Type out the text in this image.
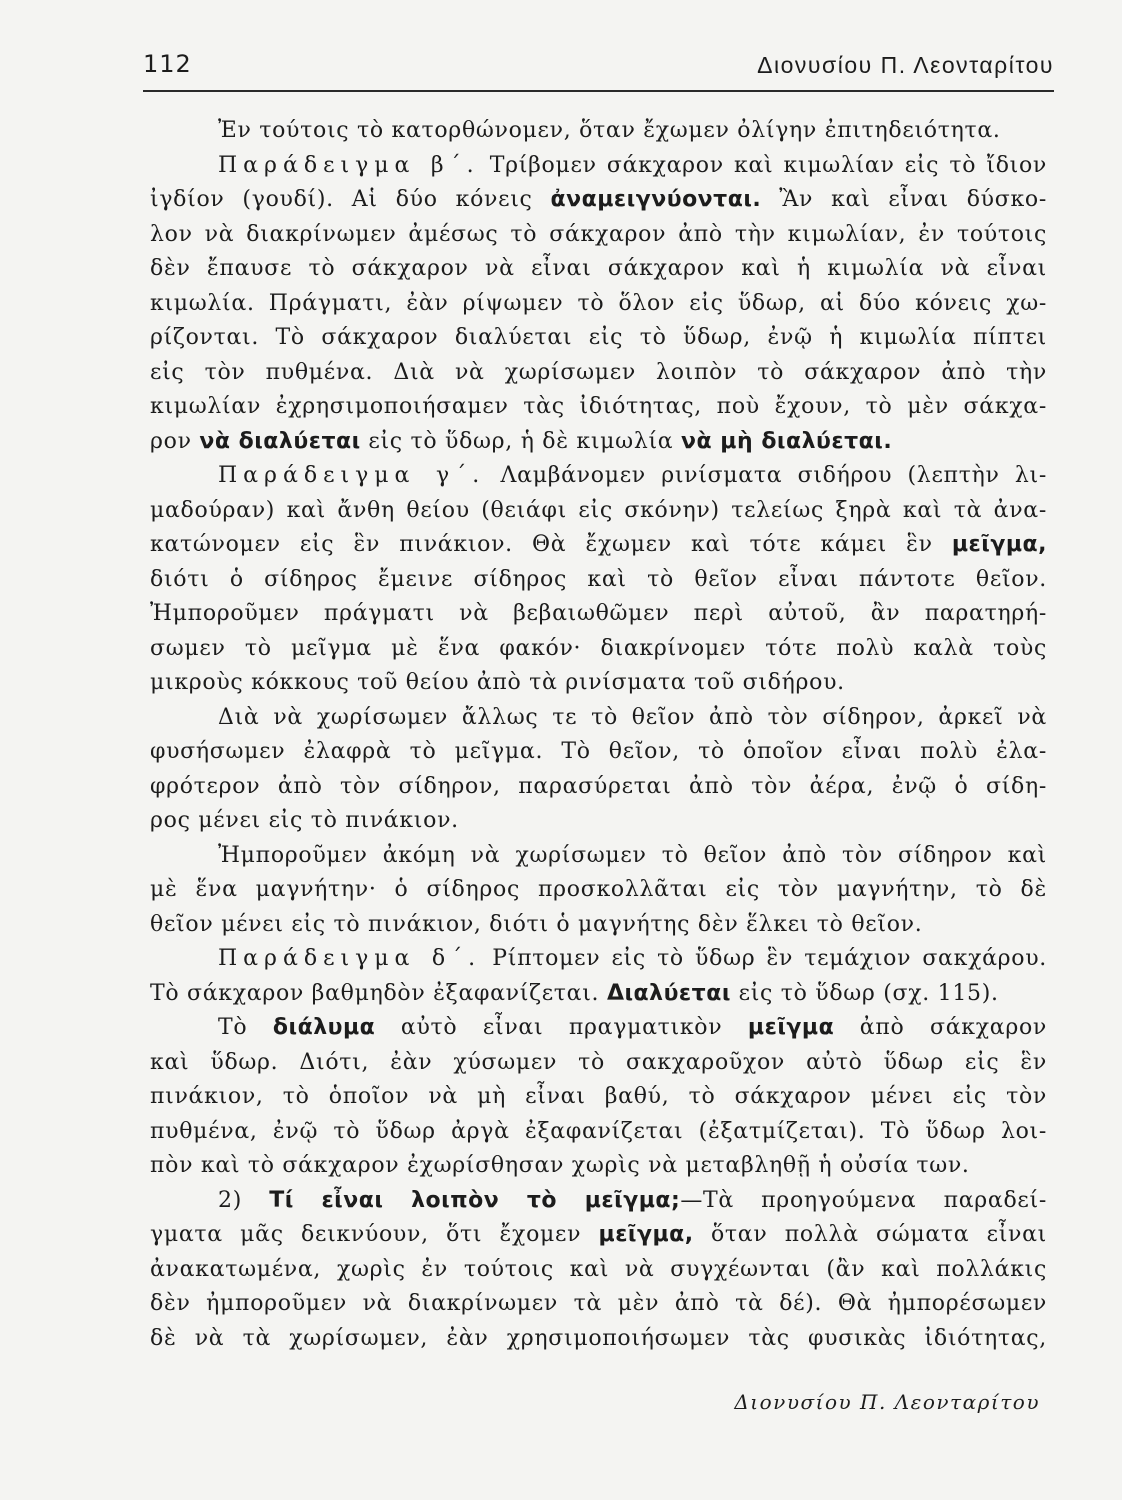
112	Διονυσίου Π. Λεονταρίτου
Ἐν τούτοις τὸ κατορθώνομεν, ὅταν ἔχωμεν ὀλίγην ἐπιτηδειότητα.
Παράδειγμα β΄. Τρίβομεν σάκχαρον καὶ κιμωλίαν εἰς τὸ ἴδιον
ἰγδίον (γουδί). Αἱ δύο κόνεις ἀναμειγνύονται. Ἂν καὶ εἶναι δύσκο-
λον νὰ διακρίνωμεν ἀμέσως τὸ σάκχαρον ἀπὸ τὴν κιμωλίαν, ἐν τούτοις
δὲν ἔπαυσε τὸ σάκχαρον νὰ εἶναι σάκχαρον καὶ ἡ κιμωλία νὰ εἶναι
κιμωλία. Πράγματι, ἐὰν ρίψωμεν τὸ ὅλον εἰς ὕδωρ, αἱ δύο κόνεις χω-
ρίζονται. Τὸ σάκχαρον διαλύεται εἰς τὸ ὕδωρ, ἐνῷ ἡ κιμωλία πίπτει
εἰς τὸν πυθμένα. Διὰ νὰ χωρίσωμεν λοιπὸν τὸ σάκχαρον ἀπὸ τὴν
κιμωλίαν ἐχρησιμοποιήσαμεν τὰς ἰδιότητας, ποὺ ἔχουν, τὸ μὲν σάκχα-
ρον νὰ διαλύεται εἰς τὸ ὕδωρ, ἡ δὲ κιμωλία νὰ μὴ διαλύεται.
Παράδειγμα γ΄. Λαμβάνομεν ρινίσματα σιδήρου (λεπτὴν λι-
μαδούραν) καὶ ἄνθη θείου (θειάφι εἰς σκόνην) τελείως ξηρὰ καὶ τὰ ἀνα-
κατώνομεν εἰς ἓν πινάκιον. Θὰ ἔχωμεν καὶ τότε κάμει ἓν μεῖγμα,
διότι ὁ σίδηρος ἔμεινε σίδηρος καὶ τὸ θεῖον εἶναι πάντοτε θεῖον.
Ἠμποροῦμεν πράγματι νὰ βεβαιωθῶμεν περὶ αὐτοῦ, ἂν παρατηρή-
σωμεν τὸ μεῖγμα μὲ ἕνα φακόν· διακρίνομεν τότε πολὺ καλὰ τοὺς
μικροὺς κόκκους τοῦ θείου ἀπὸ τὰ ρινίσματα τοῦ σιδήρου.
Διὰ νὰ χωρίσωμεν ἄλλως τε τὸ θεῖον ἀπὸ τὸν σίδηρον, ἀρκεῖ νὰ
φυσήσωμεν ἐλαφρὰ τὸ μεῖγμα. Τὸ θεῖον, τὸ ὁποῖον εἶναι πολὺ ἐλα-
φρότερον ἀπὸ τὸν σίδηρον, παρασύρεται ἀπὸ τὸν ἀέρα, ἐνῷ ὁ σίδη-
ρος μένει εἰς τὸ πινάκιον.
Ἠμποροῦμεν ἀκόμη νὰ χωρίσωμεν τὸ θεῖον ἀπὸ τὸν σίδηρον καὶ
μὲ ἕνα μαγνήτην· ὁ σίδηρος προσκολλᾶται εἰς τὸν μαγνήτην, τὸ δὲ
θεῖον μένει εἰς τὸ πινάκιον, διότι ὁ μαγνήτης δὲν ἕλκει τὸ θεῖον.
Παράδειγμα δ΄. Ρίπτομεν εἰς τὸ ὕδωρ ἓν τεμάχιον σακχάρου.
Τὸ σάκχαρον βαθμηδὸν ἐξαφανίζεται. Διαλύεται εἰς τὸ ὕδωρ (σχ. 115).
Τὸ διάλυμα αὐτὸ εἶναι πραγματικὸν μεῖγμα ἀπὸ σάκχαρον
καὶ ὕδωρ. Διότι, ἐὰν χύσωμεν τὸ σακχαροῦχον αὐτὸ ὕδωρ εἰς ἓν
πινάκιον, τὸ ὁποῖον νὰ μὴ εἶναι βαθύ, τὸ σάκχαρον μένει εἰς τὸν
πυθμένα, ἐνῷ τὸ ὕδωρ ἀργὰ ἐξαφανίζεται (ἐξατμίζεται). Τὸ ὕδωρ λοι-
πὸν καὶ τὸ σάκχαρον ἐχωρίσθησαν χωρὶς νὰ μεταβληθῇ ἡ οὐσία των.
2) Τί εἶναι λοιπὸν τὸ μεῖγμα;—Τὰ προηγούμενα παραδεί-
γματα μᾶς δεικνύουν, ὅτι ἔχομεν μεῖγμα, ὅταν πολλὰ σώματα εἶναι
ἀνακατωμένα, χωρὶς ἐν τούτοις καὶ νὰ συγχέωνται (ἂν καὶ πολλάκις
δὲν ἠμποροῦμεν νὰ διακρίνωμεν τὰ μὲν ἀπὸ τὰ δέ). Θὰ ἠμπορέσωμεν
δὲ νὰ τὰ χωρίσωμεν, ἐὰν χρησιμοποιήσωμεν τὰς φυσικὰς ἰδιότητας,
Διονυσίου Π. Λεονταρίτου
